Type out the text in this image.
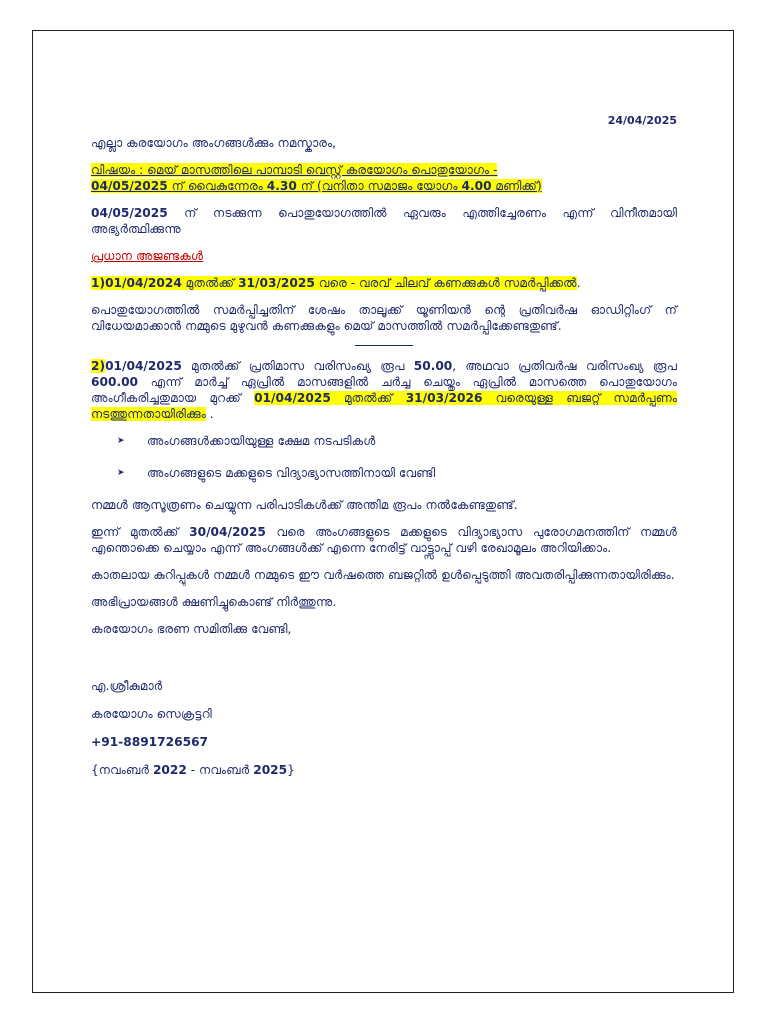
24/04/2025

എല്ലാ കരയോഗം അംഗങ്ങൾക്കും നമസ്കാരം,

വിഷയം : മെയ് മാസത്തിലെ പാമ്പാടി വെസ്റ്റ് കരയോഗം പൊതുയോഗം -
04/05/2025 ന് വൈകുന്നേരം 4.30 ന് (വനിതാ സമാജം യോഗം 4.00 മണിക്ക്)

04/05/2025 ന് നടക്കുന്ന പൊതുയോഗത്തിൽ ഏവരും എത്തിച്ചേരണം എന്ന് വിനീതമായി അഭ്യർത്ഥിക്കുന്നു

പ്രധാന അജണ്ടകൾ

1)01/04/2024 മുതൽക്ക് 31/03/2025 വരെ - വരവ് ചിലവ് കണക്കുകൾ സമർപ്പിക്കൽ.

പൊതുയോഗത്തിൽ സമർപ്പിച്ചതിന് ശേഷം താലൂക്ക് യൂണിയൻ ന്റെ പ്രതിവർഷ ഓഡിറ്റിംഗ് ന് വിധേയമാക്കാൻ നമ്മുടെ മുഴുവൻ കണക്കുകളും മെയ് മാസത്തിൽ സമർപ്പിക്കേണ്ടതുണ്ട്.

2)01/04/2025 മുതൽക്ക് പ്രതിമാസ വരിസംഖ്യ രൂപ 50.00, അഥവാ പ്രതിവർഷ വരിസംഖ്യ രൂപ 600.00 എന്ന് മാർച്ച് ഏപ്രിൽ മാസങ്ങളിൽ ചർച്ച ചെയ്തും ഏപ്രിൽ മാസത്തെ പൊതുയോഗം അംഗീകരിച്ചതുമായ മുറക്ക് 01/04/2025 മുതൽക്ക് 31/03/2026 വരെയുള്ള ബജറ്റ് സമർപ്പണം നടത്തുന്നതായിരിക്കും .

➤	അംഗങ്ങൾക്കായിയുള്ള ക്ഷേമ നടപടികൾ
➤	അംഗങ്ങളുടെ മക്കളുടെ വിദ്യാഭ്യാസത്തിനായി വേണ്ടി

നമ്മൾ ആസൂത്രണം ചെയ്യുന്ന പരിപാടികൾക്ക് അന്തിമ രൂപം നൽകേണ്ടതുണ്ട്.

ഇന്ന് മുതൽക്ക് 30/04/2025 വരെ അംഗങ്ങളുടെ മക്കളുടെ വിദ്യാഭ്യാസ പുരോഗമനത്തിന് നമ്മൾ എന്തൊക്കെ ചെയ്യാം എന്ന് അംഗങ്ങൾക്ക് എന്നെ നേരിട്ട് വാട്ട്സാപ്പ് വഴി രേഖാമൂലം അറിയിക്കാം.

കാതലായ കുറിപ്പുകൾ നമ്മൾ നമ്മുടെ ഈ വർഷത്തെ ബജറ്റിൽ ഉൾപ്പെടുത്തി അവതരിപ്പിക്കുന്നതായിരിക്കും.

അഭിപ്രായങ്ങൾ ക്ഷണിച്ചുകൊണ്ട് നിർത്തുന്നു.

കരയോഗം ഭരണ സമിതിക്കു വേണ്ടി,

എ.ശ്രീകുമാർ

കരയോഗം സെക്രട്ടറി

+91-8891726567

{നവംബർ 2022 - നവംബർ 2025}
